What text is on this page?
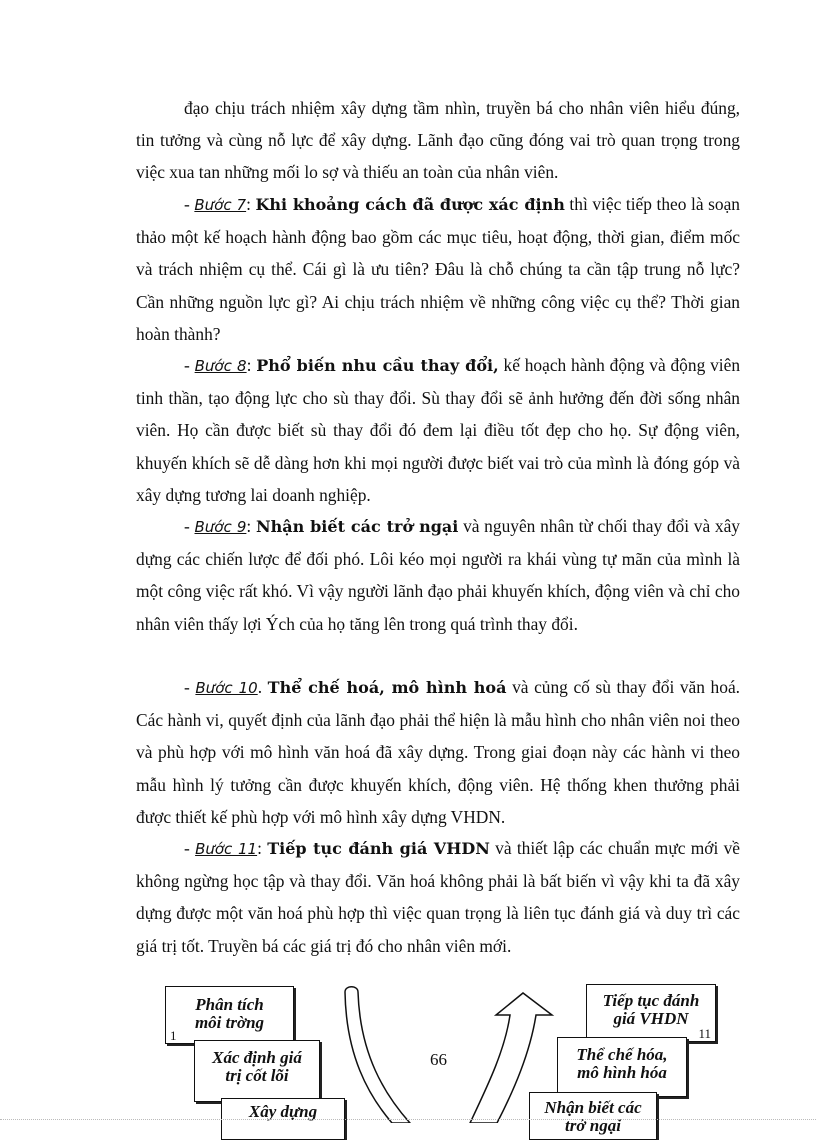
đạo chịu trách nhiệm xây dựng tầm nhìn, truyền bá cho nhân viên hiểu đúng, tin tưởng và cùng nỗ lực để xây dựng. Lãnh đạo cũng đóng vai trò quan trọng trong việc xua tan những mối lo sợ và thiếu an toàn của nhân viên.

- Bước 7: Khi khoảng cách đã được xác định thì việc tiếp theo là soạn thảo một kế hoạch hành động bao gồm các mục tiêu, hoạt động, thời gian, điểm mốc và trách nhiệm cụ thể. Cái gì là ưu tiên? Đâu là chỗ chúng ta cần tập trung nỗ lực? Cần những nguồn lực gì? Ai chịu trách nhiệm về những công việc cụ thể? Thời gian hoàn thành?

- Bước 8: Phổ biến nhu cầu thay đổi, kế hoạch hành động và động viên tinh thần, tạo động lực cho sù thay đổi. Sù thay đổi sẽ ảnh hưởng đến đời sống nhân viên. Họ cần được biết sù thay đổi đó đem lại điều tốt đẹp cho họ. Sự động viên, khuyến khích sẽ dễ dàng hơn khi mọi người được biết vai trò của mình là đóng góp và xây dựng tương lai doanh nghiệp.

- Bước 9: Nhận biết các trở ngại và nguyên nhân từ chối thay đổi và xây dựng các chiến lược để đối phó. Lôi kéo mọi người ra khái vùng tự mãn của mình là một công việc rất khó. Vì vậy người lãnh đạo phải khuyến khích, động viên và chỉ cho nhân viên thấy lợi Ých của họ tăng lên trong quá trình thay đổi.

- Bước 10. Thể chế hoá, mô hình hoá và củng cố sù thay đổi văn hoá. Các hành vi, quyết định của lãnh đạo phải thể hiện là mẫu hình cho nhân viên noi theo và phù hợp với mô hình văn hoá đã xây dựng. Trong giai đoạn này các hành vi theo mẫu hình lý tưởng cần được khuyến khích, động viên. Hệ thống khen thưởng phải được thiết kế phù hợp với mô hình xây dựng VHDN.

- Bước 11: Tiếp tục đánh giá VHDN và thiết lập các chuẩn mực mới về không ngừng học tập và thay đổi. Văn hoá không phải là bất biến vì vậy khi ta đã xây dựng được một văn hoá phù hợp thì việc quan trọng là liên tục đánh giá và duy trì các giá trị tốt. Truyền bá các giá trị đó cho nhân viên mới.

Phân tích
môi trờng
1
Xác định giá
trị cốt lõi
Xây dựng
Tiếp tục đánh
giá VHDN
11
Thể chế hóa,
mô hình hóa
Nhận biết các
trở ngại
66
